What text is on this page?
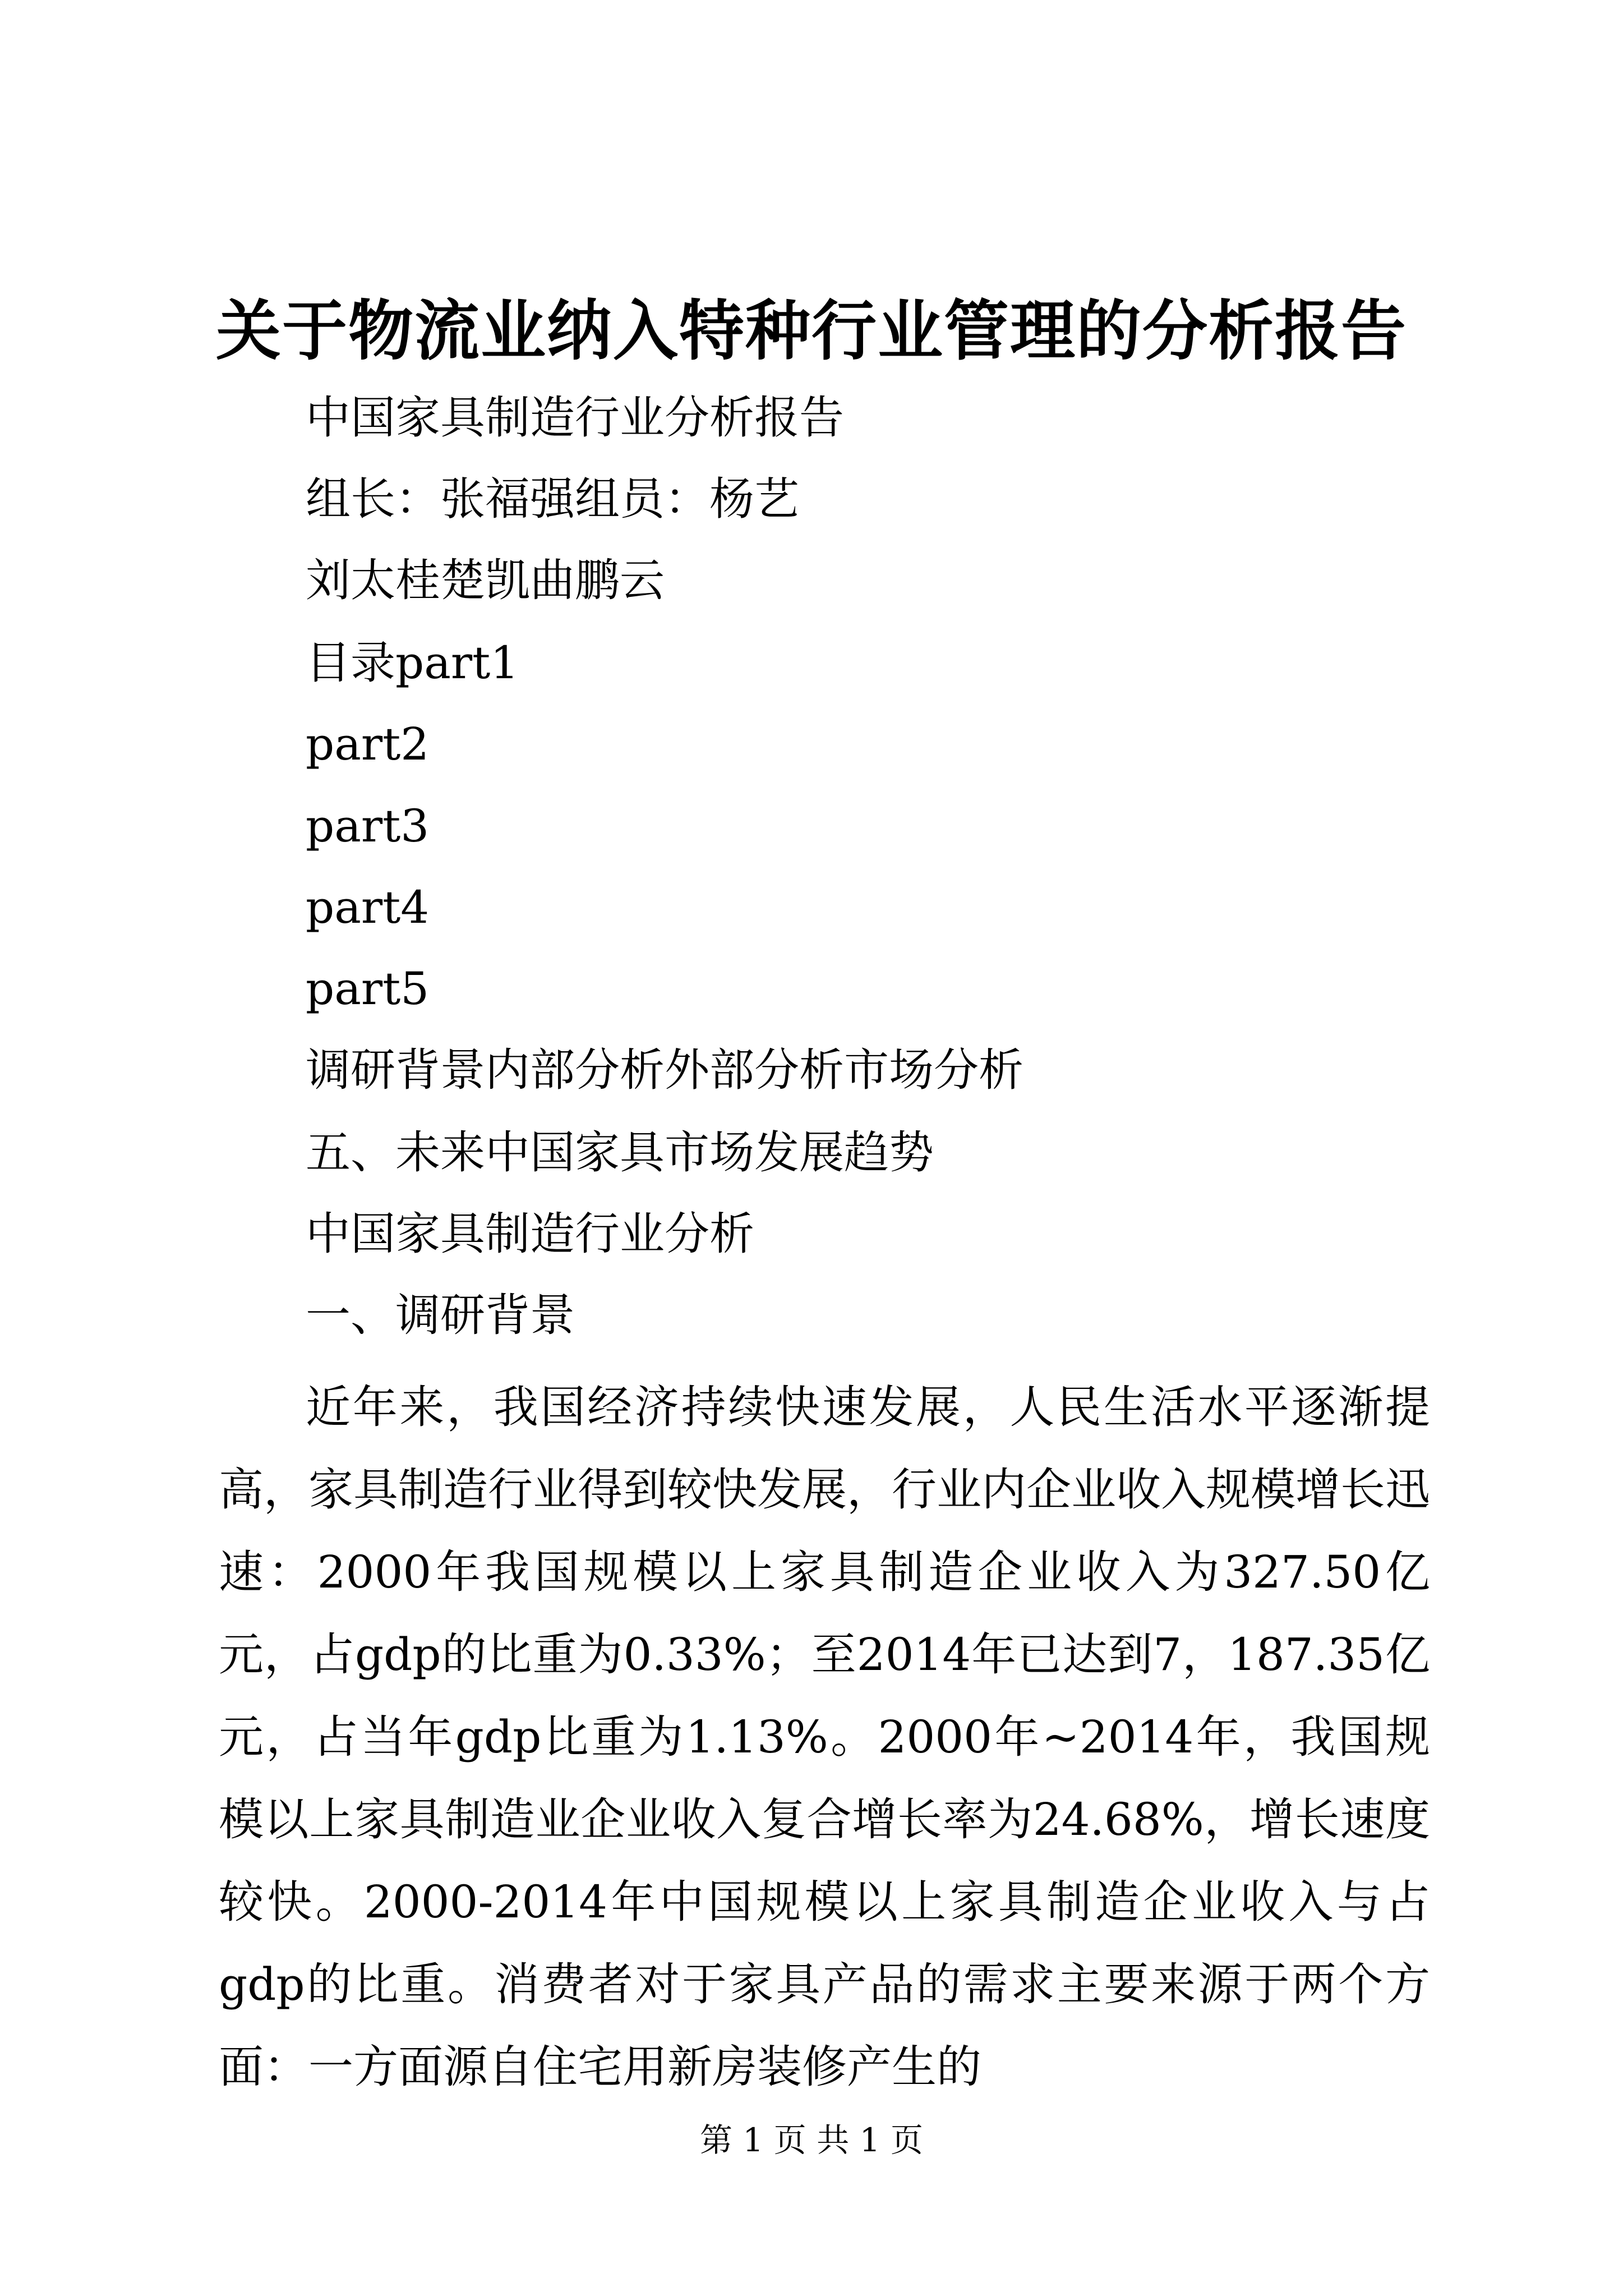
关于物流业纳入特种行业管理的分析报告

中国家具制造行业分析报告

组长：张福强组员：杨艺

刘太桂楚凯曲鹏云

目录part1

part2

part3

part4

part5

调研背景内部分析外部分析市场分析

五、未来中国家具市场发展趋势

中国家具制造行业分析

一、调研背景

近年来，我国经济持续快速发展，人民生活水平逐渐提高，家具制造行业得到较快发展，行业内企业收入规模增长迅速：2000年我国规模以上家具制造企业收入为327.50亿元，占gdp的比重为0.33%；至2014年已达到7，187.35亿元，占当年gdp比重为1.13%。2000年~2014年，我国规模以上家具制造业企业收入复合增长率为24.68%，增长速度较快。2000-2014年中国规模以上家具制造企业收入与占gdp的比重。消费者对于家具产品的需求主要来源于两个方面：一方面源自住宅用新房装修产生的

第 1 页 共 1 页
